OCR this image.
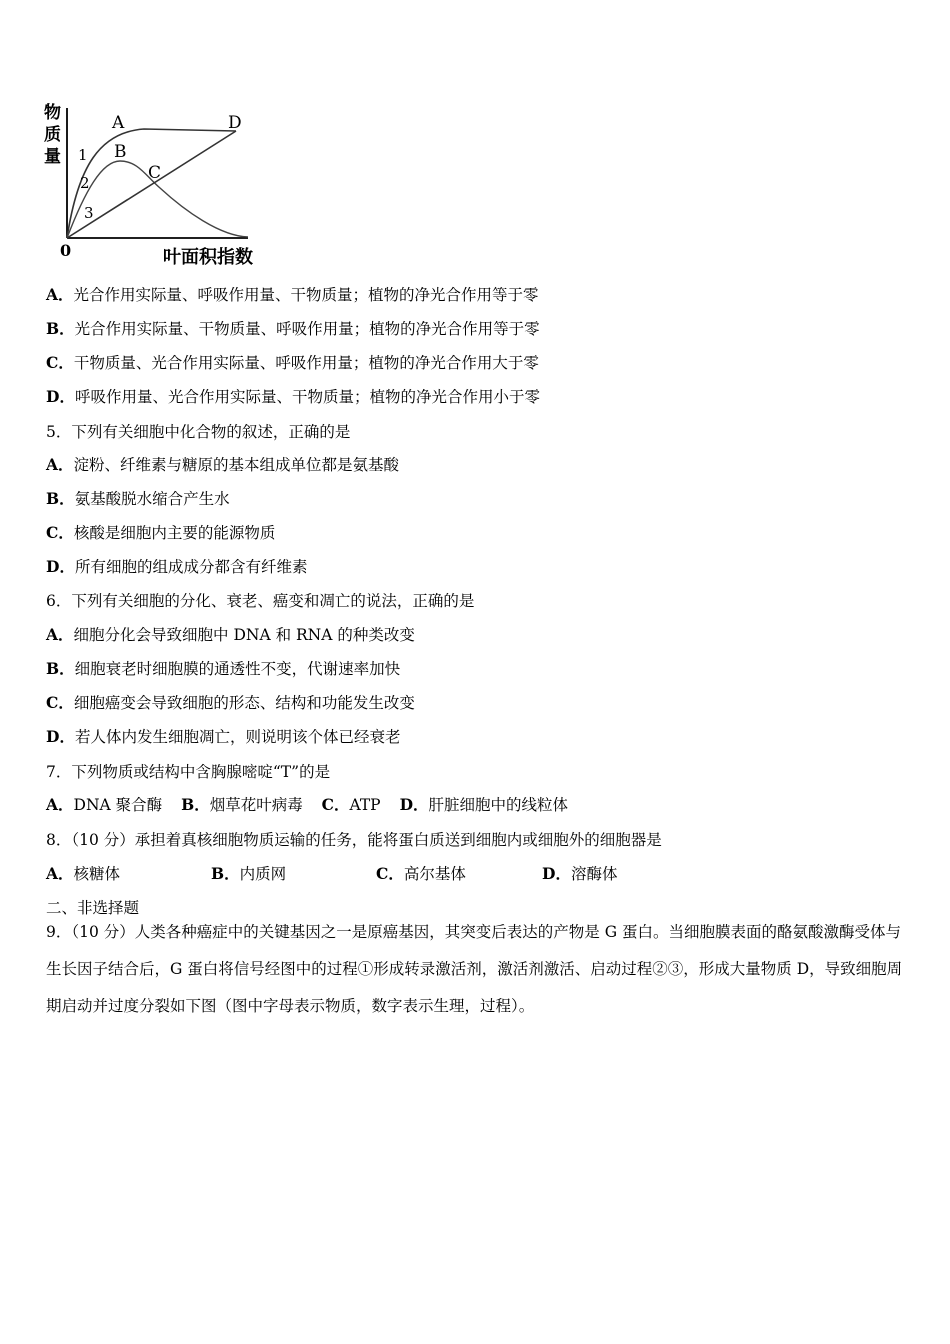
物
质
量
A
B
C
D
1
2
3
0	叶面积指数
A．光合作用实际量、呼吸作用量、干物质量；植物的净光合作用等于零
B．光合作用实际量、干物质量、呼吸作用量；植物的净光合作用等于零
C．干物质量、光合作用实际量、呼吸作用量；植物的净光合作用大于零
D．呼吸作用量、光合作用实际量、干物质量；植物的净光合作用小于零
5．下列有关细胞中化合物的叙述，正确的是
A．淀粉、纤维素与糖原的基本组成单位都是氨基酸
B．氨基酸脱水缩合产生水
C．核酸是细胞内主要的能源物质
D．所有细胞的组成成分都含有纤维素
6．下列有关细胞的分化、衰老、癌变和凋亡的说法，正确的是
A．细胞分化会导致细胞中 DNA 和 RNA 的种类改变
B．细胞衰老时细胞膜的通透性不变，代谢速率加快
C．细胞癌变会导致细胞的形态、结构和功能发生改变
D．若人体内发生细胞凋亡，则说明该个体已经衰老
7．下列物质或结构中含胸腺嘧啶“T”的是
A．DNA 聚合酶 B．烟草花叶病毒 C．ATP D．肝脏细胞中的线粒体
8．（10 分）承担着真核细胞物质运输的任务，能将蛋白质送到细胞内或细胞外的细胞器是
A．核糖体	B．内质网	C．高尔基体	D．溶酶体
二、非选择题
9．（10 分）人类各种癌症中的关键基因之一是原癌基因，其突变后表达的产物是 G 蛋白。当细胞膜表面的酪氨酸激酶受体与生长因子结合后，G 蛋白将信号经图中的过程①形成转录激活剂，激活剂激活、启动过程②③，形成大量物质 D，导致细胞周期启动并过度分裂如下图（图中字母表示物质，数字表示生理，过程）。
